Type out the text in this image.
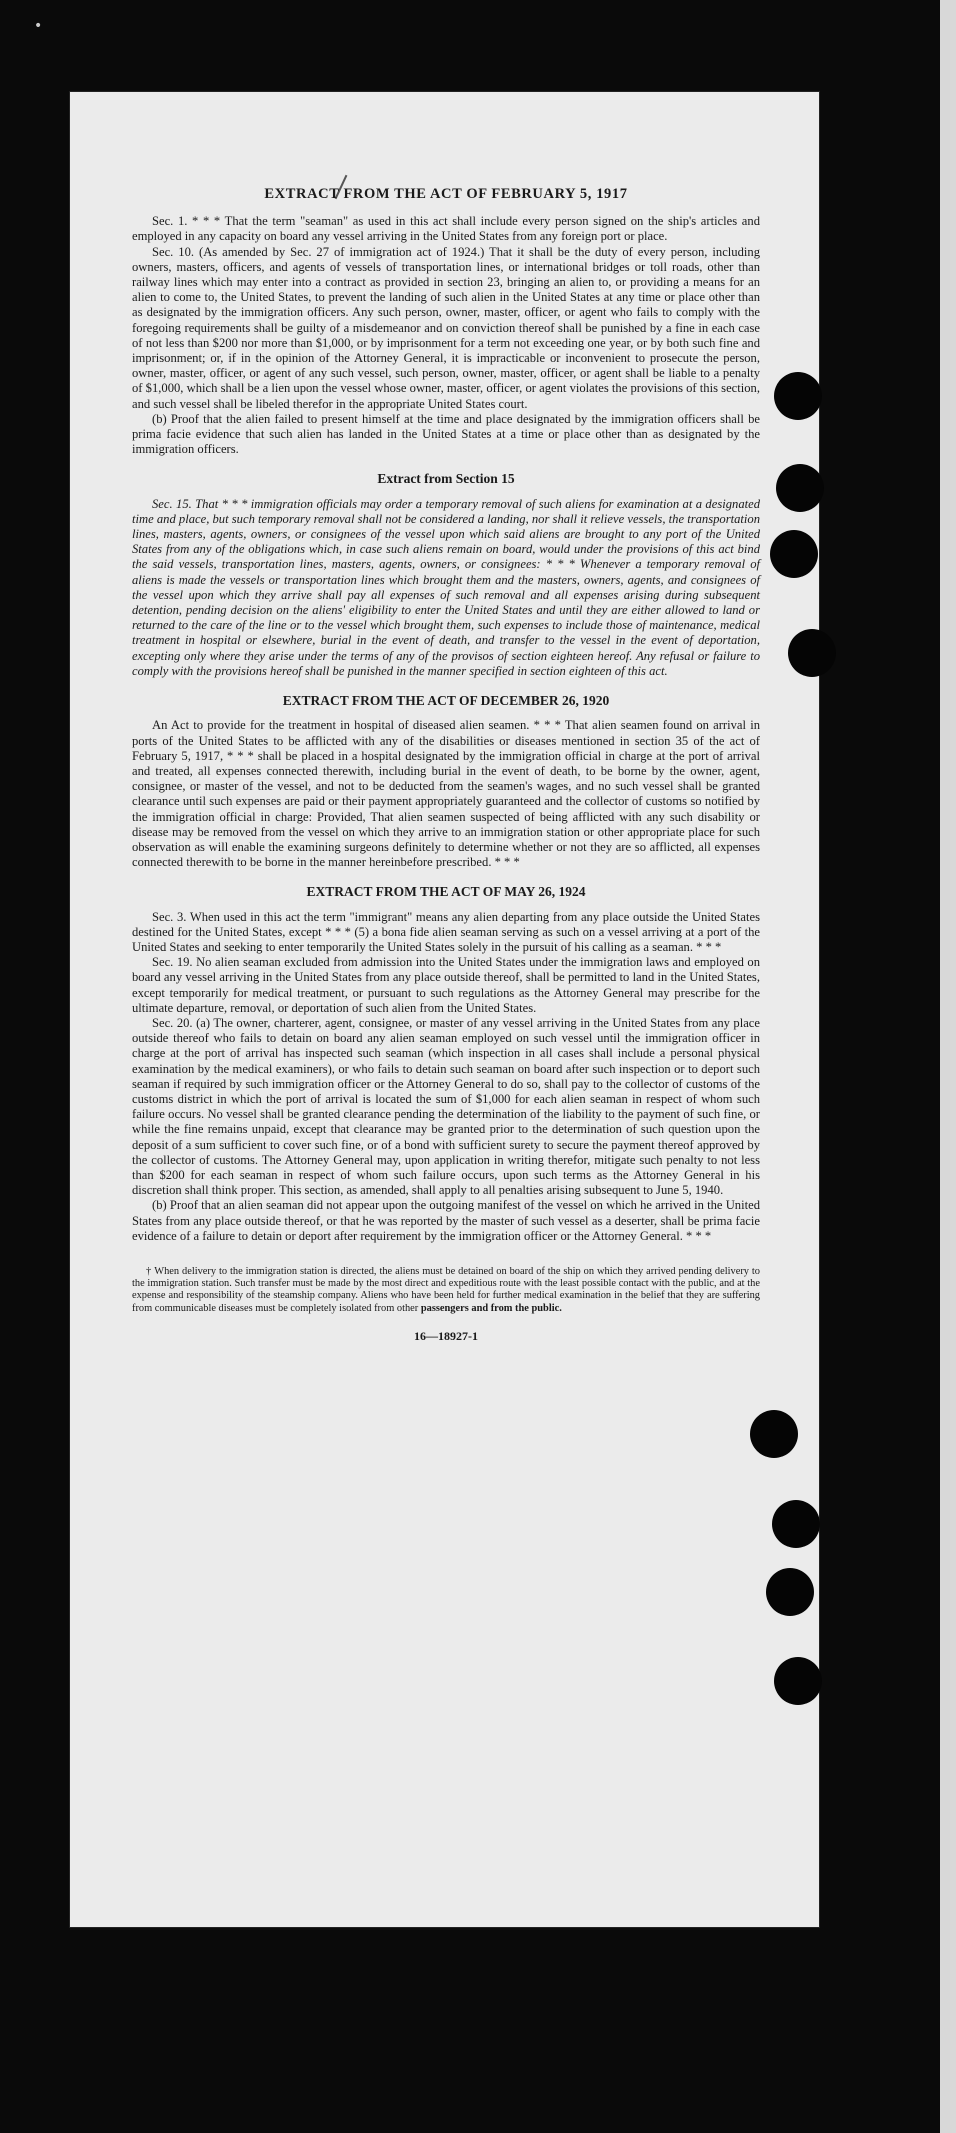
•
EXTRACT FROM THE ACT OF FEBRUARY 5, 1917

Sec. 1. * * * That the term "seaman" as used in this act shall include every person signed on the ship's articles and employed in any capacity on board any vessel arriving in the United States from any foreign port or place.

Sec. 10. (As amended by Sec. 27 of immigration act of 1924.) That it shall be the duty of every person, including owners, masters, officers, and agents of vessels of transportation lines, or international bridges or toll roads, other than railway lines which may enter into a contract as provided in section 23, bringing an alien to, or providing a means for an alien to come to, the United States, to prevent the landing of such alien in the United States at any time or place other than as designated by the immigration officers. Any such person, owner, master, officer, or agent who fails to comply with the foregoing requirements shall be guilty of a misdemeanor and on conviction thereof shall be punished by a fine in each case of not less than $200 nor more than $1,000, or by imprisonment for a term not exceeding one year, or by both such fine and imprisonment; or, if in the opinion of the Attorney General, it is impracticable or inconvenient to prosecute the person, owner, master, officer, or agent of any such vessel, such person, owner, master, officer, or agent shall be liable to a penalty of $1,000, which shall be a lien upon the vessel whose owner, master, officer, or agent violates the provisions of this section, and such vessel shall be libeled therefor in the appropriate United States court.

(b) Proof that the alien failed to present himself at the time and place designated by the immigration officers shall be prima facie evidence that such alien has landed in the United States at a time or place other than as designated by the immigration officers.

Extract from Section 15

Sec. 15. That * * * immigration officials may order a temporary removal of such aliens for examination at a designated time and place, but such temporary removal shall not be considered a landing, nor shall it relieve vessels, the transportation lines, masters, agents, owners, or consignees of the vessel upon which said aliens are brought to any port of the United States from any of the obligations which, in case such aliens remain on board, would under the provisions of this act bind the said vessels, transportation lines, masters, agents, owners, or consignees: * * * Whenever a temporary removal of aliens is made the vessels or transportation lines which brought them and the masters, owners, agents, and consignees of the vessel upon which they arrive shall pay all expenses of such removal and all expenses arising during subsequent detention, pending decision on the aliens' eligibility to enter the United States and until they are either allowed to land or returned to the care of the line or to the vessel which brought them, such expenses to include those of maintenance, medical treatment in hospital or elsewhere, burial in the event of death, and transfer to the vessel in the event of deportation, excepting only where they arise under the terms of any of the provisos of section eighteen hereof. Any refusal or failure to comply with the provisions hereof shall be punished in the manner specified in section eighteen of this act.

EXTRACT FROM THE ACT OF DECEMBER 26, 1920

An Act to provide for the treatment in hospital of diseased alien seamen. * * * That alien seamen found on arrival in ports of the United States to be afflicted with any of the disabilities or diseases mentioned in section 35 of the act of February 5, 1917, * * * shall be placed in a hospital designated by the immigration official in charge at the port of arrival and treated, all expenses connected therewith, including burial in the event of death, to be borne by the owner, agent, consignee, or master of the vessel, and not to be deducted from the seamen's wages, and no such vessel shall be granted clearance until such expenses are paid or their payment appropriately guaranteed and the collector of customs so notified by the immigration official in charge: Provided, That alien seamen suspected of being afflicted with any such disability or disease may be removed from the vessel on which they arrive to an immigration station or other appropriate place for such observation as will enable the examining surgeons definitely to determine whether or not they are so afflicted, all expenses connected therewith to be borne in the manner hereinbefore prescribed. * * *

EXTRACT FROM THE ACT OF MAY 26, 1924

Sec. 3. When used in this act the term "immigrant" means any alien departing from any place outside the United States destined for the United States, except * * * (5) a bona fide alien seaman serving as such on a vessel arriving at a port of the United States and seeking to enter temporarily the United States solely in the pursuit of his calling as a seaman. * * *

Sec. 19. No alien seaman excluded from admission into the United States under the immigration laws and employed on board any vessel arriving in the United States from any place outside thereof, shall be permitted to land in the United States, except temporarily for medical treatment, or pursuant to such regulations as the Attorney General may prescribe for the ultimate departure, removal, or deportation of such alien from the United States.

Sec. 20. (a) The owner, charterer, agent, consignee, or master of any vessel arriving in the United States from any place outside thereof who fails to detain on board any alien seaman employed on such vessel until the immigration officer in charge at the port of arrival has inspected such seaman (which inspection in all cases shall include a personal physical examination by the medical examiners), or who fails to detain such seaman on board after such inspection or to deport such seaman if required by such immigration officer or the Attorney General to do so, shall pay to the collector of customs of the customs district in which the port of arrival is located the sum of $1,000 for each alien seaman in respect of whom such failure occurs. No vessel shall be granted clearance pending the determination of the liability to the payment of such fine, or while the fine remains unpaid, except that clearance may be granted prior to the determination of such question upon the deposit of a sum sufficient to cover such fine, or of a bond with sufficient surety to secure the payment thereof approved by the collector of customs. The Attorney General may, upon application in writing therefor, mitigate such penalty to not less than $200 for each seaman in respect of whom such failure occurs, upon such terms as the Attorney General in his discretion shall think proper. This section, as amended, shall apply to all penalties arising subsequent to June 5, 1940.

(b) Proof that an alien seaman did not appear upon the outgoing manifest of the vessel on which he arrived in the United States from any place outside thereof, or that he was reported by the master of such vessel as a deserter, shall be prima facie evidence of a failure to detain or deport after requirement by the immigration officer or the Attorney General. * * *

† When delivery to the immigration station is directed, the aliens must be detained on board of the ship on which they arrived pending delivery to the immigration station. Such transfer must be made by the most direct and expeditious route with the least possible contact with the public, and at the expense and responsibility of the steamship company. Aliens who have been held for further medical examination in the belief that they are suffering from communicable diseases must be completely isolated from other passengers and from the public.
16—18927-1
